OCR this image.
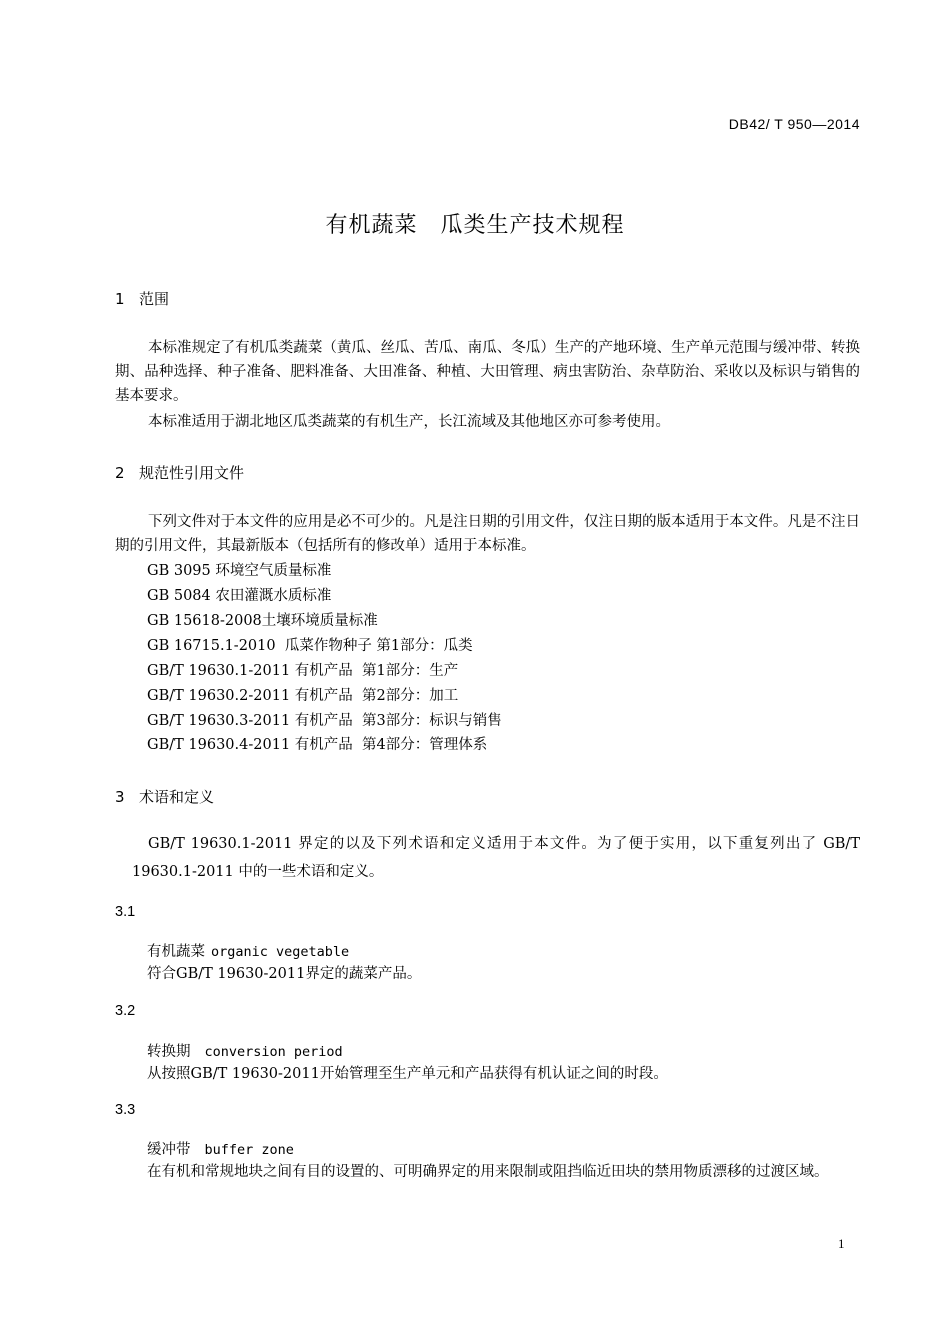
DB42/ T 950—2014
有机蔬菜　瓜类生产技术规程
1 范围
本标准规定了有机瓜类蔬菜（黄瓜、丝瓜、苦瓜、南瓜、冬瓜）生产的产地环境、生产单元范围与缓冲带、转换期、品种选择、种子准备、肥料准备、大田准备、种植、大田管理、病虫害防治、杂草防治、采收以及标识与销售的基本要求。
本标准适用于湖北地区瓜类蔬菜的有机生产，长江流域及其他地区亦可参考使用。
2 规范性引用文件
下列文件对于本文件的应用是必不可少的。凡是注日期的引用文件，仅注日期的版本适用于本文件。凡是不注日期的引用文件，其最新版本（包括所有的修改单）适用于本标准。
GB 3095 环境空气质量标准
GB 5084 农田灌溉水质标准
GB 15618-2008土壤环境质量标准
GB 16715.1-2010  瓜菜作物种子 第1部分：瓜类
GB/T 19630.1-2011 有机产品  第1部分：生产
GB/T 19630.2-2011 有机产品  第2部分：加工
GB/T 19630.3-2011 有机产品  第3部分：标识与销售
GB/T 19630.4-2011 有机产品  第4部分：管理体系
3 术语和定义
GB/T 19630.1-2011 界定的以及下列术语和定义适用于本文件。为了便于实用，以下重复列出了 GB/T 19630.1-2011 中的一些术语和定义。
3.1
有机蔬菜 organic vegetable
符合GB/T 19630-2011界定的蔬菜产品。
3.2
转换期 conversion period
从按照GB/T 19630-2011开始管理至生产单元和产品获得有机认证之间的时段。
3.3
缓冲带 buffer zone
在有机和常规地块之间有目的设置的、可明确界定的用来限制或阻挡临近田块的禁用物质漂移的过渡区域。
1
